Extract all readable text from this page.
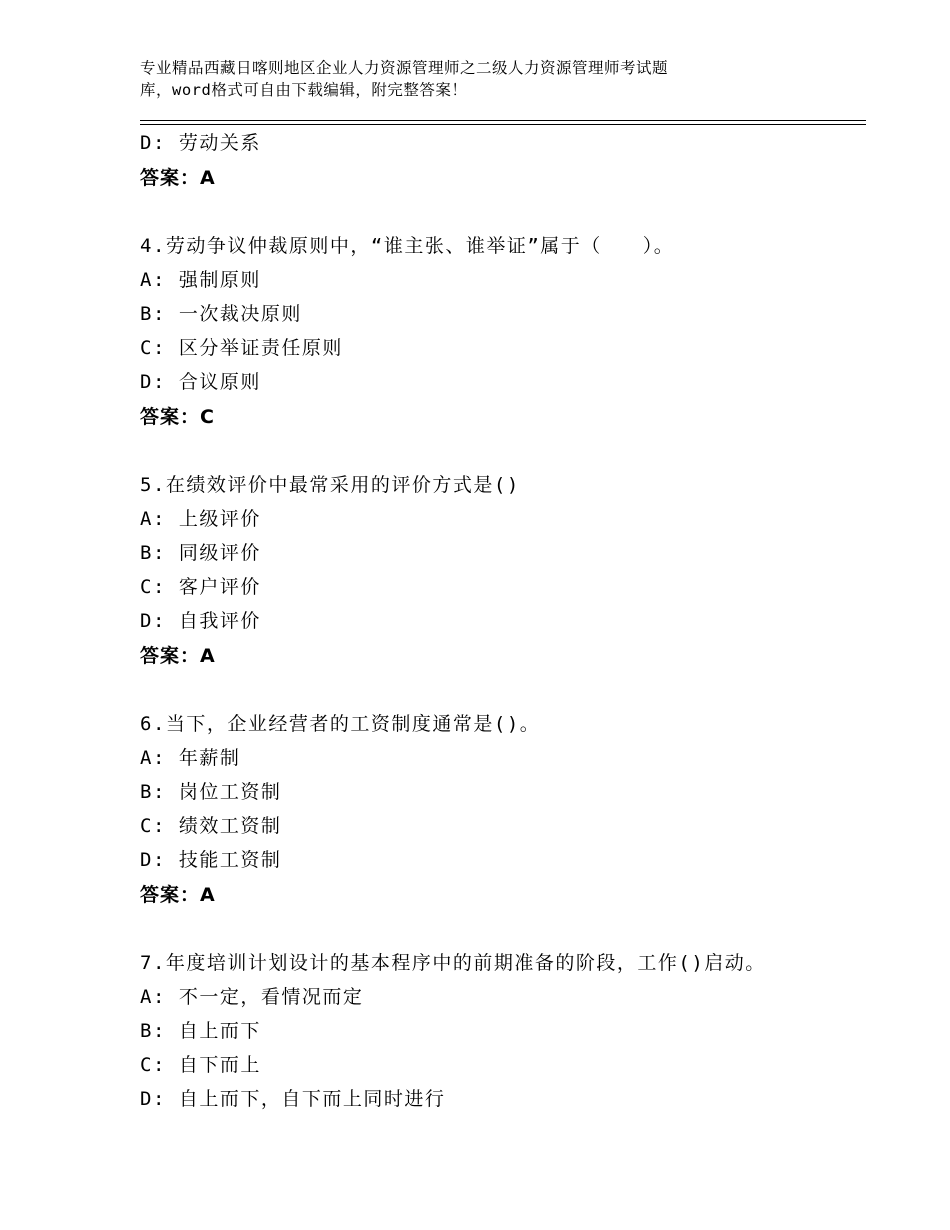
专业精品西藏日喀则地区企业人力资源管理师之二级人力资源管理师考试题
库，word格式可自由下载编辑，附完整答案！
D: 劳动关系
答案：A
4.劳动争议仲裁原则中，“谁主张、谁举证”属于（　　）。
A: 强制原则
B: 一次裁决原则
C: 区分举证责任原则
D: 合议原则
答案：C
5.在绩效评价中最常采用的评价方式是()
A: 上级评价
B: 同级评价
C: 客户评价
D: 自我评价
答案：A
6.当下，企业经营者的工资制度通常是()。
A: 年薪制
B: 岗位工资制
C: 绩效工资制
D: 技能工资制
答案：A
7.年度培训计划设计的基本程序中的前期准备的阶段，工作()启动。
A: 不一定，看情况而定
B: 自上而下
C: 自下而上
D: 自上而下，自下而上同时进行
